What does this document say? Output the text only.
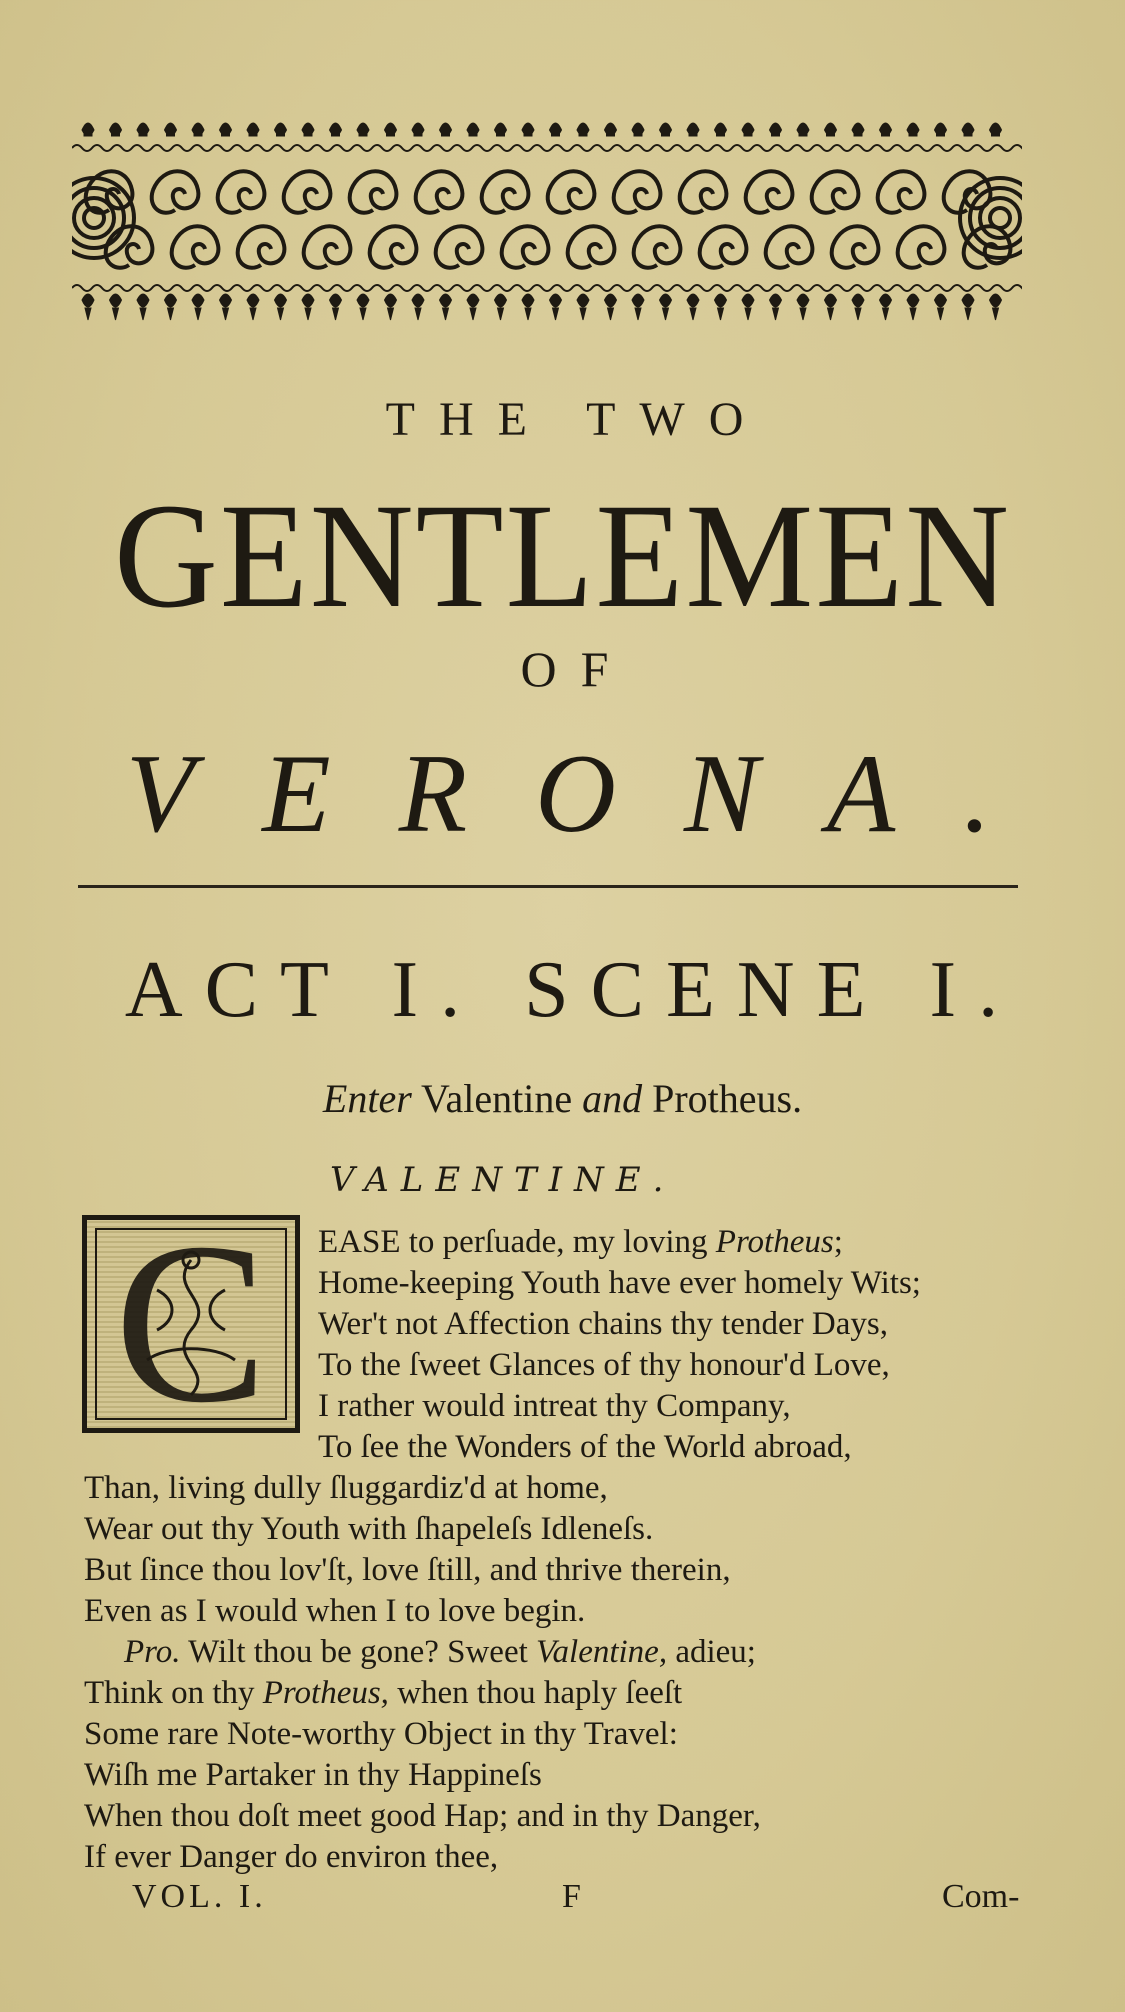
THE TWO
GENTLEMEN
OF
VERONA.
ACT I. SCENE I.
Enter Valentine and Protheus.
VALENTINE.
C	EASE to perſuade, my loving Protheus;
Home-keeping Youth have ever homely Wits;
Wer't not Affection chains thy tender Days,
To the ſweet Glances of thy honour'd Love,
I rather would intreat thy Company,
To ſee the Wonders of the World abroad,
Than, living dully ſluggardiz'd at home,
Wear out thy Youth with ſhapeleſs Idleneſs.
But ſince thou lov'ſt, love ſtill, and thrive therein,
Even as I would when I to love begin.
Pro. Wilt thou be gone? Sweet Valentine, adieu;
Think on thy Protheus, when thou haply ſeeſt
Some rare Note-worthy Object in thy Travel:
Wiſh me Partaker in thy Happineſs
When thou doſt meet good Hap; and in thy Danger,
If ever Danger do environ thee,
VOL. I.	F	Com-
